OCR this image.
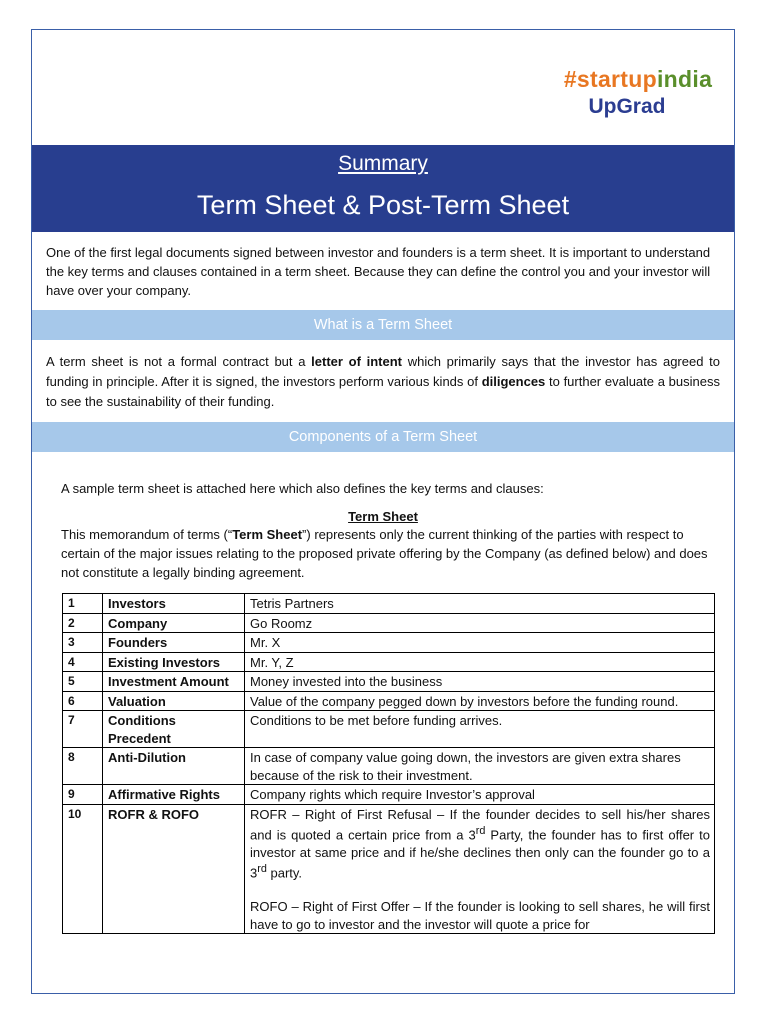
#startupindia
UpGrad
Summary
Term Sheet & Post-Term Sheet
One of the first legal documents signed between investor and founders is a term sheet. It is important to understand the key terms and clauses contained in a term sheet. Because they can define the control you and your investor will have over your company.
What is a Term Sheet
A term sheet is not a formal contract but a letter of intent which primarily says that the investor has agreed to funding in principle. After it is signed, the investors perform various kinds of diligences to further evaluate a business to see the sustainability of their funding.
Components of a Term Sheet
A sample term sheet is attached here which also defines the key terms and clauses:
Term Sheet
This memorandum of terms (“Term Sheet”) represents only the current thinking of the parties with respect to certain of the major issues relating to the proposed private offering by the Company (as defined below) and does not constitute a legally binding agreement.
1	Investors	Tetris Partners
2	Company	Go Roomz
3	Founders	Mr. X
4	Existing Investors	Mr. Y, Z
5	Investment Amount	Money invested into the business
6	Valuation	Value of the company pegged down by investors before the funding round.
7	Conditions Precedent	Conditions to be met before funding arrives.
8	Anti-Dilution	In case of company value going down, the investors are given extra shares because of the risk to their investment.
9	Affirmative Rights	Company rights which require Investor’s approval
10	ROFR & ROFO	ROFR – Right of First Refusal – If the founder decides to sell his/her shares and is quoted a certain price from a 3rd Party, the founder has to first offer to investor at same price and if he/she declines then only can the founder go to a 3rd party.
ROFO – Right of First Offer – If the founder is looking to sell shares, he will first have to go to investor and the investor will quote a price for
